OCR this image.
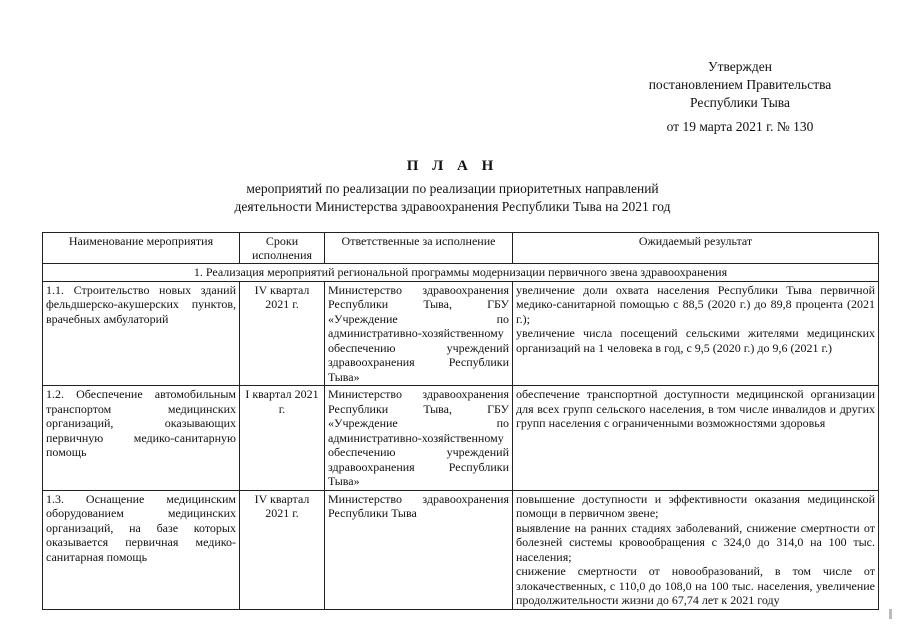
Утвержден
постановлением Правительства
Республики Тыва
от 19 марта 2021 г. № 130
П Л А Н
мероприятий по реализации по реализации приоритетных направлений
деятельности Министерства здравоохранения Республики Тыва на 2021 год
Наименование мероприятия	Сроки исполнения	Ответственные за исполнение	Ожидаемый результат
1. Реализация мероприятий региональной программы модернизации первичного звена здравоохранения			
1.1. Строительство новых зданий фельдшерско-акушерских пунктов, врачебных амбулаторий	IV квартал 2021 г.	Министерство здравоохранения Республики Тыва, ГБУ «Учреждение по административно-хозяйственному обеспечению учреждений здравоохранения Республики Тыва»	увеличение доли охвата населения Республики Тыва первичной медико-санитарной помощью с 88,5 (2020 г.) до 89,8 процента (2021 г.);
увеличение числа посещений сельскими жителями медицинских организаций на 1 человека в год, с 9,5 (2020 г.) до 9,6 (2021 г.)
1.2. Обеспечение автомобильным транспортом медицинских организаций, оказывающих первичную медико-санитарную помощь	I квартал 2021 г.	Министерство здравоохранения Республики Тыва, ГБУ «Учреждение по административно-хозяйственному обеспечению учреждений здравоохранения Республики Тыва»	обеспечение транспортной доступности медицинской организации для всех групп сельского населения, в том числе инвалидов и других групп населения с ограниченными возможностями здоровья
1.3. Оснащение медицинским оборудованием медицинских организаций, на базе которых оказывается первичная медико-санитарная помощь	IV квартал 2021 г.	Министерство здравоохранения Республики Тыва	повышение доступности и эффективности оказания медицинской помощи в первичном звене;
выявление на ранних стадиях заболеваний, снижение смертности от болезней системы кровообращения с 324,0 до 314,0 на 100 тыс. населения;
снижение смертности от новообразований, в том числе от злокачественных, с 110,0 до 108,0 на 100 тыс. населения, увеличение продолжительности жизни до 67,74 лет к 2021 году
